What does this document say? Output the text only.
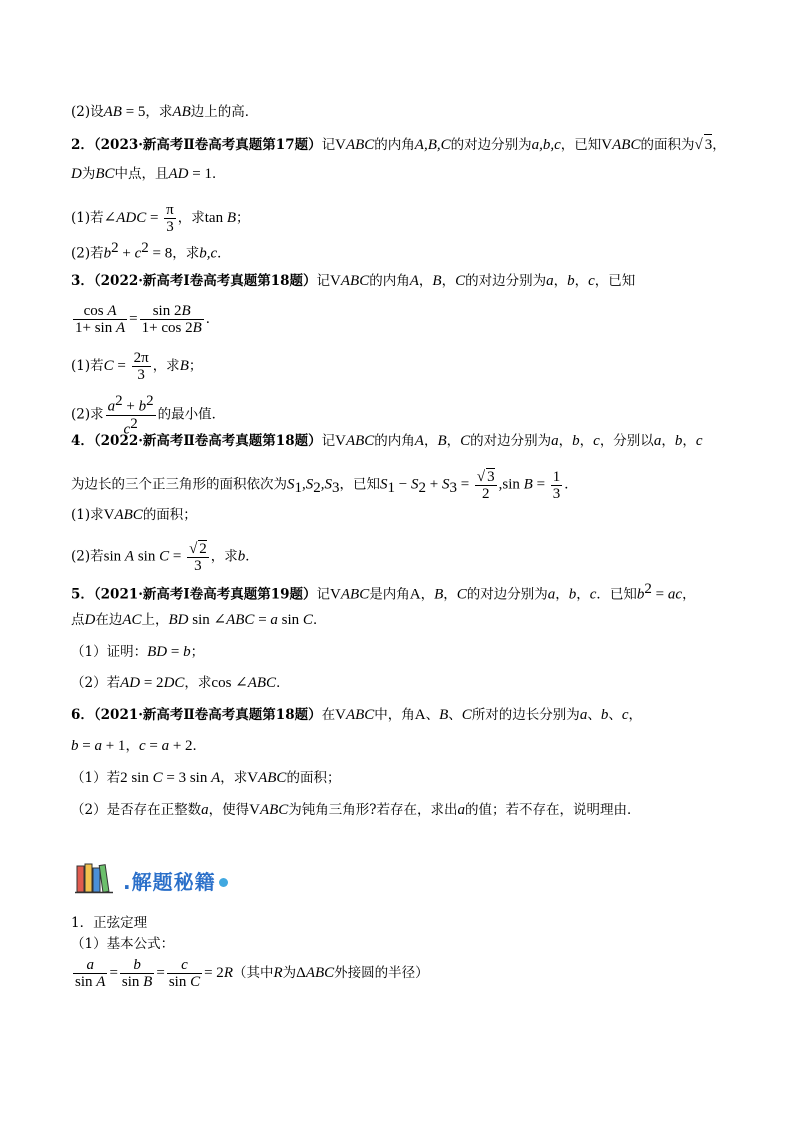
(2)设AB = 5，求AB边上的高．
2．（2023·新高考Ⅱ卷高考真题第17题）记VABC的内角A,B,C的对边分别为a,b,c，已知VABC的面积为√ 3，
D为BC中点，且AD = 1．
(1)若∠ADC = $\frac{\pi}{3}$ ，求tan B；
(2)若$b^2 + c^2 = 8$，求b,c．
3．（2022·新高考Ⅰ卷高考真题第18题）记VABC的内角A，B，C的对边分别为a，b，c，已知
$\frac{\text{cos A}}{\text{1+ sin A}} = \frac{\sin 2B}{1+ \cos 2B}$ ．
(1)若$C = \frac{2\pi}{3}$ ，求B；
(2)求 $\frac{a^2 + b^2}{c^2}$ 的最小值．
4．（2022·新高考Ⅱ卷高考真题第18题）记VABC的内角A，B，C的对边分别为a，b，c，分别以a，b，c
为边长的三个正三角形的面积依次为$S_1,S_2,S_3$，已知$S_1 - S_2 + S_3 = \frac{√ 3}{2} ,\sin$ $B = \frac{1}{3}$ ．
(1)求VABC的面积；
(2)若sin A $\sin C = \frac{√ 2}{3}$ ，求b．
5．（2021·新高考Ⅰ卷高考真题第19题）记VABC是内角A，B，C的对边分别为a，b，c．已知$b^2$ = ac，
点D在边AC上，BD sin ∠ABC = a sin C．
（1）证明：BD = b；
（2）若AD = 2DC，求cos ∠ABC．
6．（2021·新高考Ⅱ卷高考真题第18题）在VABC中，角A、B、C所对的边长分别为a、b、c，
b = a + 1，c = a + 2．
（1）若2 sin C = 3 sin A，求VABC的面积；
（2）是否存在正整数a，使得VABC为钝角三角形?若存在，求出a的值；若不存在，说明理由．
.解题秘籍
1．正弦定理
（1）基本公式：
$\frac{a}{\text{sin A}} = \frac{b}{\text{sin B}} = \frac{c}{\text{sin C}} = 2R$（其中R为ΔABC外接圆的半径）
